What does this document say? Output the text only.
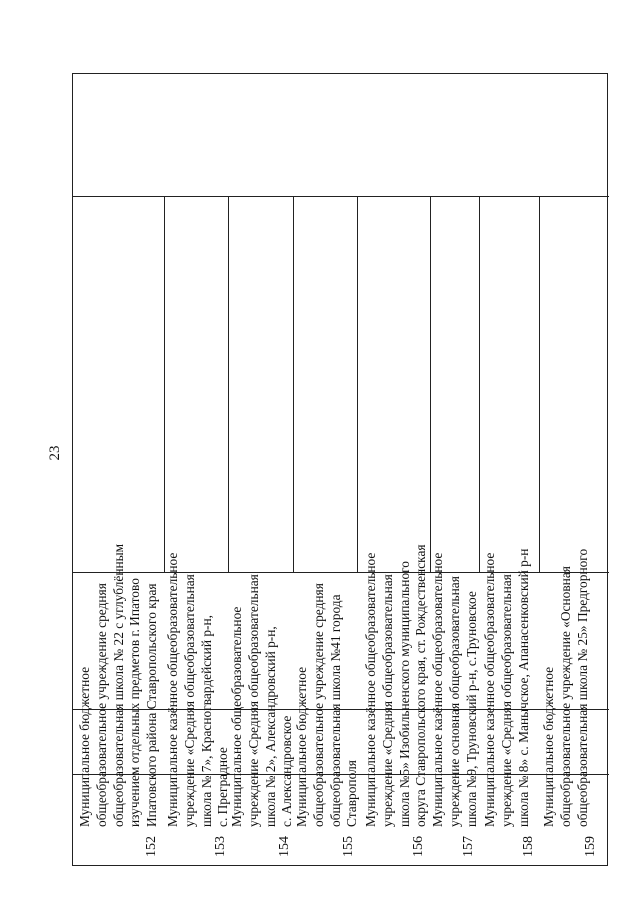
23
152
Муниципальное бюджетное общеобразовательное учреждение средняя общеобразовательная школа № 22 с углублённым изучением отдельных предметов г. Ипатово Ипатовского района Ставропольского края
153
Муниципальное казённое общеобразовательное учреждение «Средняя общеобразовательная школа № 7», Красногвардейский р-н, с. Преградное
154
Муниципальное общеобразовательное учреждение «Средняя общеобразовательная школа № 2», Александровский р-н, с. Александровское
155
Муниципальное бюджетное общеобразовательное учреждение средняя общеобразовательная школа №41 города Ставрополя
156
Муниципальное казённое общеобразовательное учреждение «Средняя общеобразовательная школа №5» Изобильненского муниципального округа Ставропольского края, ст. Рождественская
157
Муниципальное казённое общеобразовательное учреждение основная общеобразовательная школа №9, Труновский р-н, с.Труновское
158
Муниципальное казенное общеобразовательное учреждение «Средняя общеобразовательная школа № 8» с. Манычское, Апанасенковский р-н
159
Муниципальное бюджетное общеобразовательное учреждение «Основная общеобразовательная школа № 25» Предгорного
